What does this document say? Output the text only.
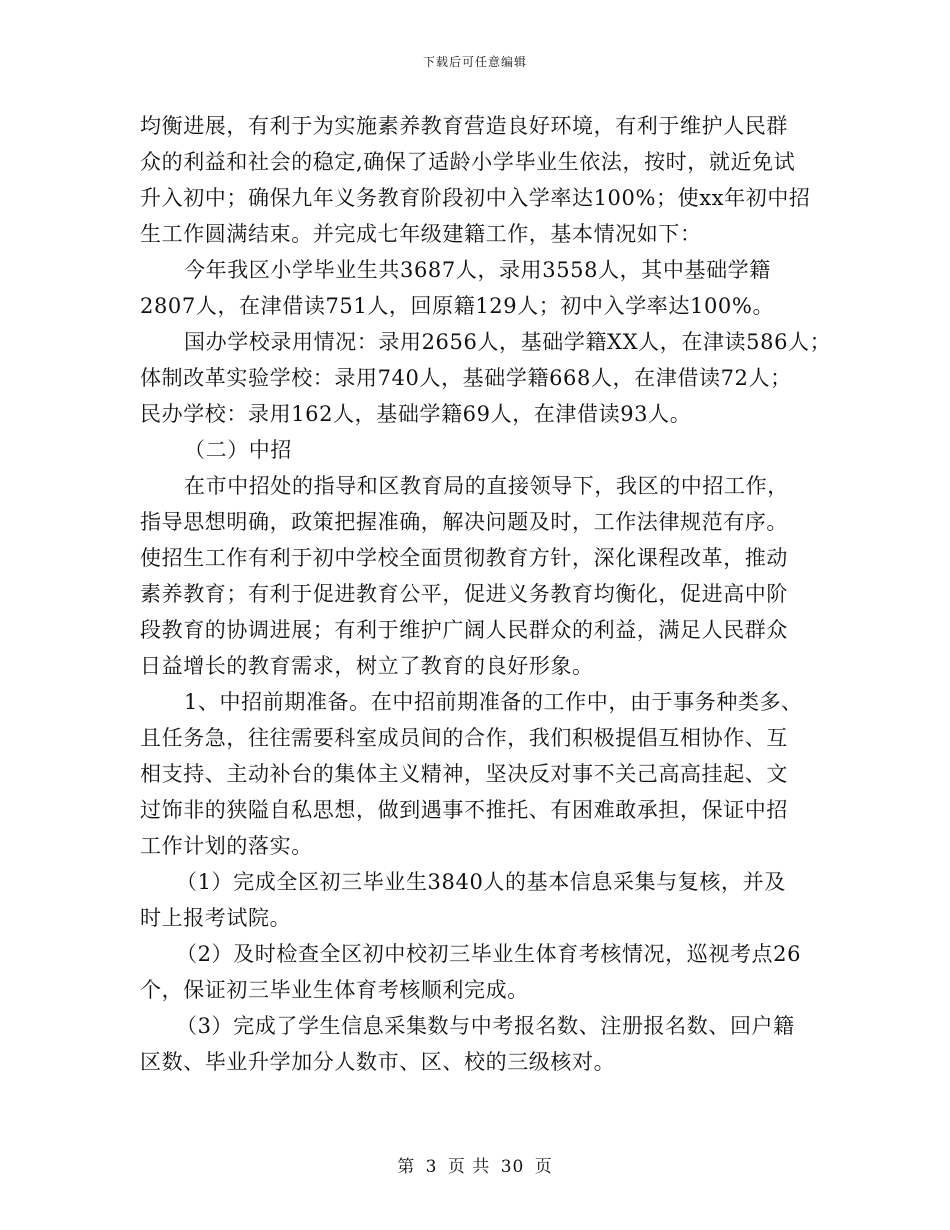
下载后可任意编辑
均衡进展，有利于为实施素养教育营造良好环境，有利于维护人民群
众的利益和社会的稳定,确保了适龄小学毕业生依法，按时，就近免试
升入初中；确保九年义务教育阶段初中入学率达100%；使xx年初中招
生工作圆满结束。并完成七年级建籍工作，基本情况如下：
今年我区小学毕业生共3687人，录用3558人，其中基础学籍
2807人，在津借读751人，回原籍129人；初中入学率达100%。
国办学校录用情况：录用2656人，基础学籍XX人，在津读586人；
体制改革实验学校：录用740人，基础学籍668人，在津借读72人；
民办学校：录用162人，基础学籍69人，在津借读93人。
（二）中招
在市中招处的指导和区教育局的直接领导下，我区的中招工作，
指导思想明确，政策把握准确，解决问题及时，工作法律规范有序。
使招生工作有利于初中学校全面贯彻教育方针，深化课程改革，推动
素养教育；有利于促进教育公平，促进义务教育均衡化，促进高中阶
段教育的协调进展；有利于维护广阔人民群众的利益，满足人民群众
日益增长的教育需求，树立了教育的良好形象。
1、中招前期准备。在中招前期准备的工作中，由于事务种类多、
且任务急，往往需要科室成员间的合作，我们积极提倡互相协作、互
相支持、主动补台的集体主义精神，坚决反对事不关己高高挂起、文
过饰非的狭隘自私思想，做到遇事不推托、有困难敢承担，保证中招
工作计划的落实。
（1）完成全区初三毕业生3840人的基本信息采集与复核，并及
时上报考试院。
（2）及时检查全区初中校初三毕业生体育考核情况，巡视考点26
个，保证初三毕业生体育考核顺利完成。
（3）完成了学生信息采集数与中考报名数、注册报名数、回户籍
区数、毕业升学加分人数市、区、校的三级核对。
第 3 页 共 30 页
